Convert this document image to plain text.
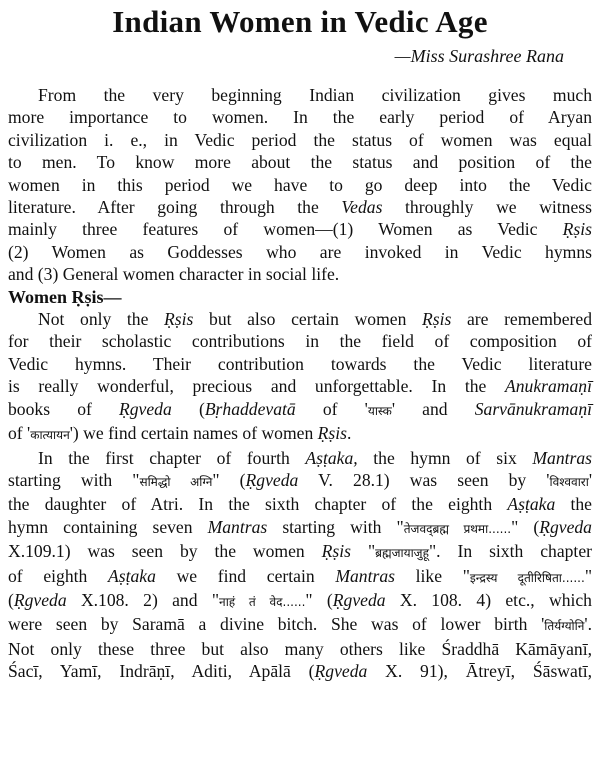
Indian Women in Vedic Age
—Miss Surashree Rana
From the very beginning Indian civilization gives much
more importance to women. In the early period of Aryan
civilization i. e., in Vedic period the status of women was equal
to men. To know more about the status and position of the
women in this period we have to go deep into the Vedic
literature. After going through the Vedas throughly we witness
mainly three features of women—(1) Women as Vedic Ṛṣis
(2) Women as Goddesses who are invoked in Vedic hymns
and (3) General women character in social life.
Women Ṛṣis—
Not only the Ṛṣis but also certain women Ṛṣis are remembered
for their scholastic contributions in the field of composition of
Vedic hymns. Their contribution towards the Vedic literature
is really wonderful, precious and unforgettable. In the Anukramaṇī
books of Ṛgveda (Bṛhaddevatā of 'यास्क' and Sarvānukramaṇī
of 'कात्यायन') we find certain names of women Ṛṣis.
In the first chapter of fourth Aṣṭaka, the hymn of six Mantras
starting with "समिद्धो अग्नि" (Ṛgveda V. 28.1) was seen by 'विश्ववारा'
the daughter of Atri. In the sixth chapter of the eighth Aṣṭaka the
hymn containing seven Mantras starting with "तेजवद्ब्रह्म प्रथमा......" (Ṛgveda
X.109.1) was seen by the women Ṛṣis "ब्रह्मजायाजुहू". In sixth chapter
of eighth Aṣṭaka we find certain Mantras like "इन्द्रस्य दूतीरिषिता......"
(Ṛgveda X.108. 2) and "नाहं तं वेद......" (Ṛgveda X. 108. 4) etc., which
were seen by Saramā a divine bitch. She was of lower birth 'तिर्यग्योनि'.
Not only these three but also many others like Śraddhā Kāmāyanī,
Śacī, Yamī, Indrāṇī, Aditi, Apālā (Ṛgveda X. 91), Ātreyī, Śāswatī,
